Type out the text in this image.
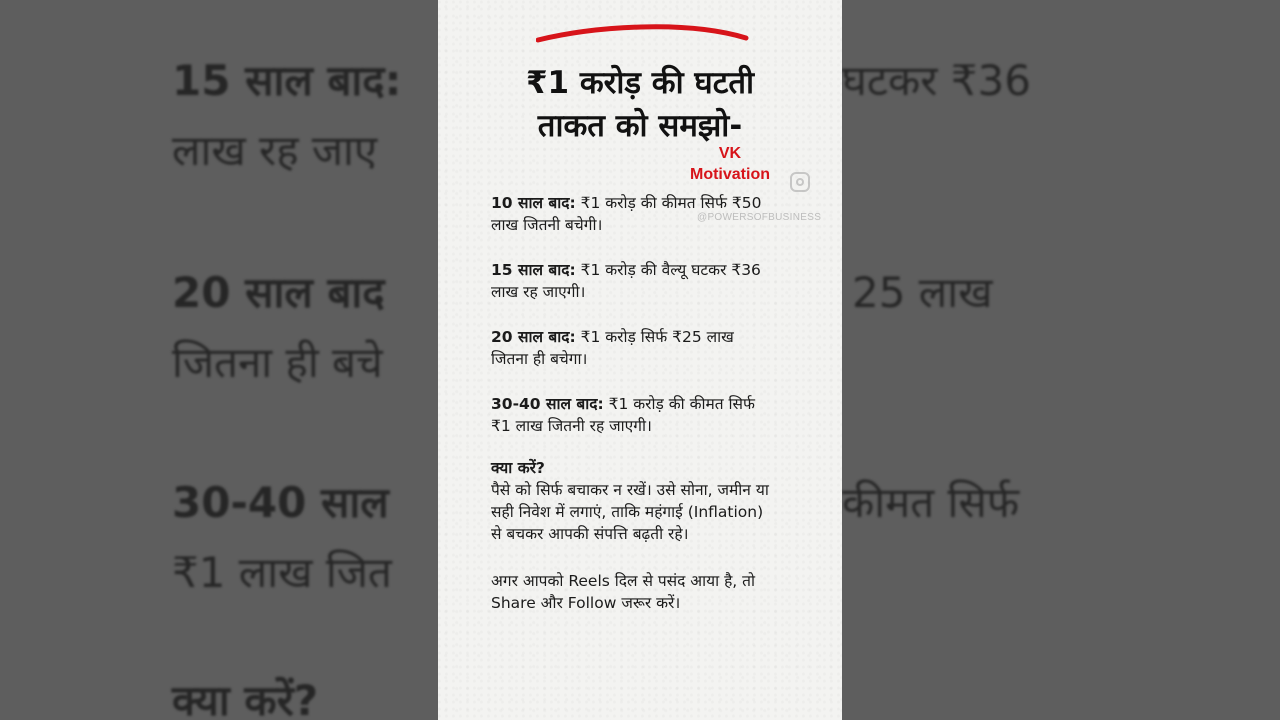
15 साल बाद:
लाख रह जाए
20 साल बाद
जितना ही बचे
30-40 साल
₹1 लाख जित
क्या करें?
घटकर ₹36
25 लाख
कीमत सिर्फ
₹1 करोड़ की घटती
ताकत को समझो-
VK
Motivation
@POWERSOFBUSINESS
10 साल बाद: ₹1 करोड़ की कीमत सिर्फ ₹50
लाख जितनी बचेगी।
15 साल बाद: ₹1 करोड़ की वैल्यू घटकर ₹36
लाख रह जाएगी।
20 साल बाद: ₹1 करोड़ सिर्फ ₹25 लाख
जितना ही बचेगा।
30-40 साल बाद: ₹1 करोड़ की कीमत सिर्फ
₹1 लाख जितनी रह जाएगी।
क्या करें?
पैसे को सिर्फ बचाकर न रखें। उसे सोना, जमीन या
सही निवेश में लगाएं, ताकि महंगाई (Inflation)
से बचकर आपकी संपत्ति बढ़ती रहे।
अगर आपको Reels दिल से पसंद आया है, तो
Share और Follow जरूर करें।
